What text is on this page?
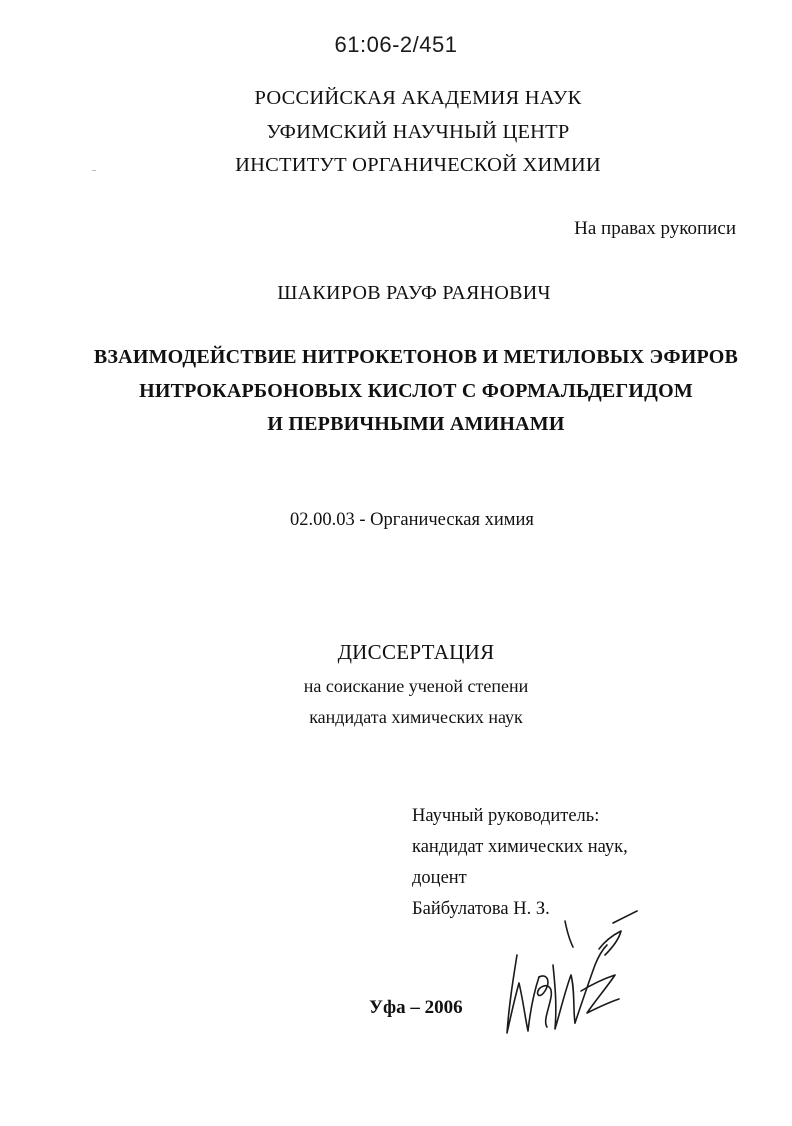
61:06-2/451
РОССИЙСКАЯ АКАДЕМИЯ НАУК
УФИМСКИЙ НАУЧНЫЙ ЦЕНТР
ИНСТИТУТ ОРГАНИЧЕСКОЙ ХИМИИ
На правах рукописи
ШАКИРОВ РАУФ РАЯНОВИЧ
ВЗАИМОДЕЙСТВИЕ НИТРОКЕТОНОВ И МЕТИЛОВЫХ ЭФИРОВ
НИТРОКАРБОНОВЫХ КИСЛОТ С ФОРМАЛЬДЕГИДОМ
И ПЕРВИЧНЫМИ АМИНАМИ
02.00.03 - Органическая химия
ДИССЕРТАЦИЯ
на соискание ученой степени
кандидата химических наук
Научный руководитель:
кандидат химических наук,
доцент
Байбулатова Н. З.
Уфа – 2006
